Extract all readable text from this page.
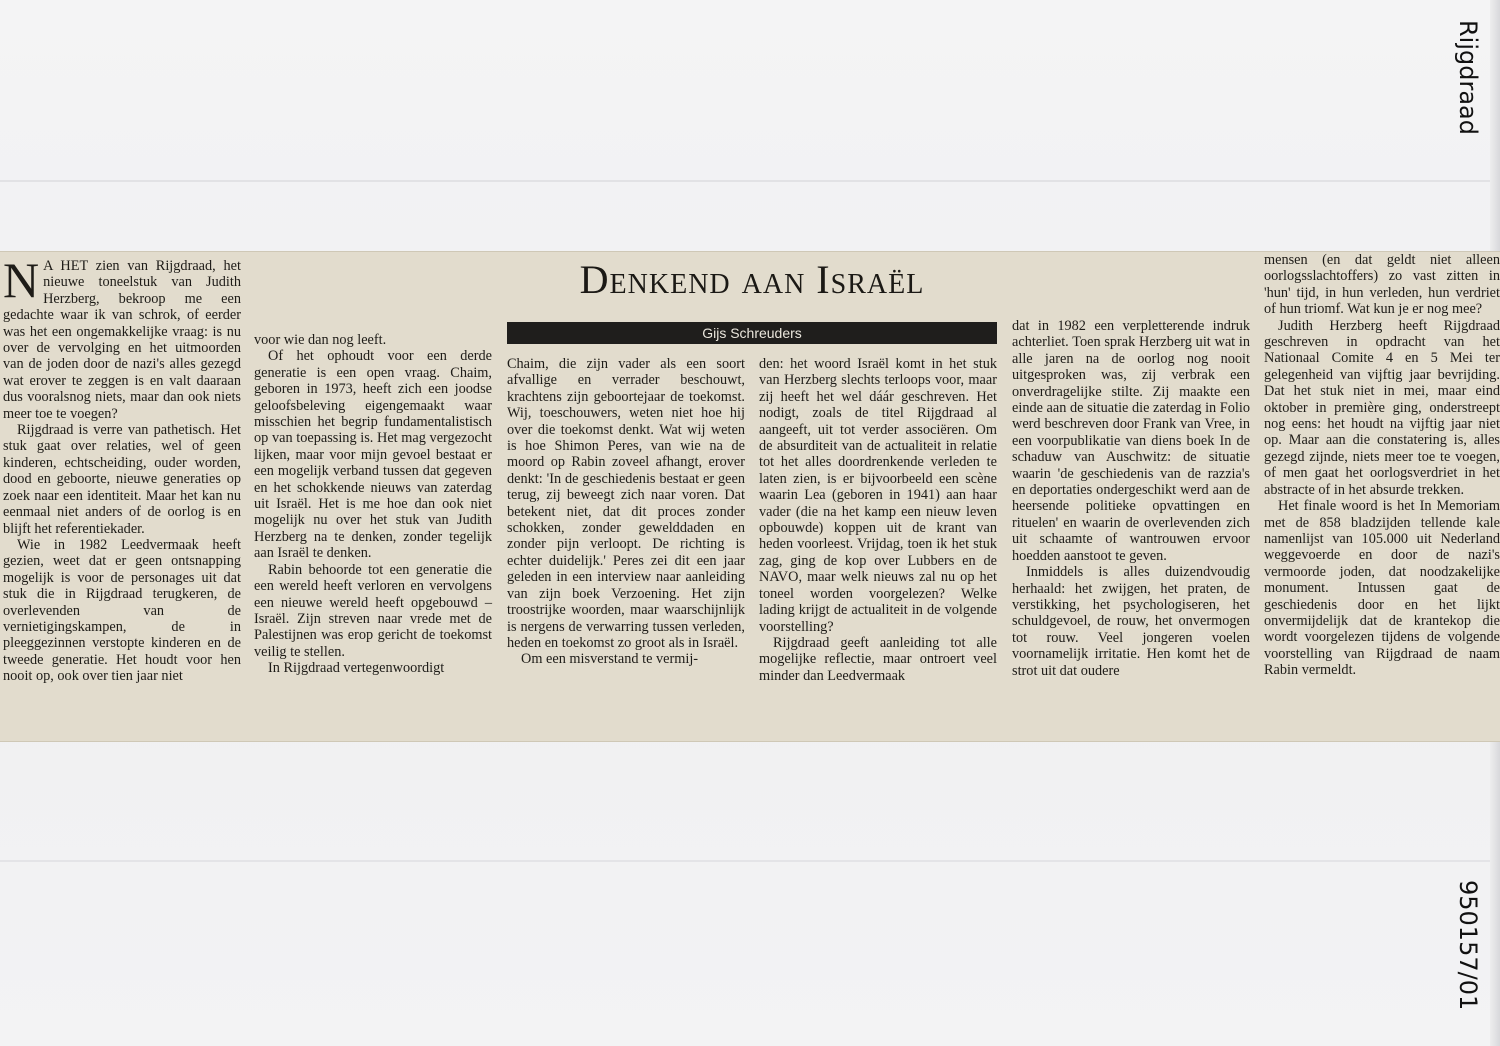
Rijgdraad
N A HET zien van Rijgdraad, het nieuwe toneelstuk van Judith Herzberg, bekroop me een gedachte waar ik van schrok, of eerder was het een ongemakkelijke vraag: is nu over de vervolging en het uitmoorden van de joden door de nazi's alles gezegd wat erover te zeggen is en valt daaraan dus vooralsnog niets, maar dan ook niets meer toe te voegen?

Rijgdraad is verre van pathetisch. Het stuk gaat over relaties, wel of geen kinderen, echtscheiding, ouder worden, dood en geboorte, nieuwe generaties op zoek naar een identiteit. Maar het kan nu eenmaal niet anders of de oorlog is en blijft het referentiekader.

Wie in 1982 Leedvermaak heeft gezien, weet dat er geen ontsnapping mogelijk is voor de personages uit dat stuk die in Rijgdraad terugkeren, de overlevenden van de vernietigingskampen, de in pleeggezinnen verstopte kinderen en de tweede generatie. Het houdt voor hen nooit op, ook over tien jaar niet

Denkend aan Israël
Gijs Schreuders

voor wie dan nog leeft.

Of het ophoudt voor een derde generatie is een open vraag. Chaim, geboren in 1973, heeft zich een joodse geloofsbeleving eigengemaakt waar misschien het begrip fundamentalistisch op van toepassing is. Het mag vergezocht lijken, maar voor mijn gevoel bestaat er een mogelijk verband tussen dat gegeven en het schokkende nieuws van zaterdag uit Israël. Het is me hoe dan ook niet mogelijk nu over het stuk van Judith Herzberg na te denken, zonder tegelijk aan Israël te denken.

Rabin behoorde tot een generatie die een wereld heeft verloren en vervolgens een nieuwe wereld heeft opgebouwd – Israël. Zijn streven naar vrede met de Palestijnen was erop gericht de toekomst veilig te stellen.

In Rijgdraad vertegenwoordigt

Chaim, die zijn vader als een soort afvallige en verrader beschouwt, krachtens zijn geboortejaar de toekomst. Wij, toeschouwers, weten niet hoe hij over die toekomst denkt. Wat wij weten is hoe Shimon Peres, van wie na de moord op Rabin zoveel afhangt, erover denkt: 'In de geschiedenis bestaat er geen terug, zij beweegt zich naar voren. Dat betekent niet, dat dit proces zonder schokken, zonder gewelddaden en zonder pijn verloopt. De richting is echter duidelijk.' Peres zei dit een jaar geleden in een interview naar aanleiding van zijn boek Verzoening. Het zijn troostrijke woorden, maar waarschijnlijk is nergens de verwarring tussen verleden, heden en toekomst zo groot als in Israël.

Om een misverstand te vermij-

den: het woord Israël komt in het stuk van Herzberg slechts terloops voor, maar zij heeft het wel dáár geschreven. Het nodigt, zoals de titel Rijgdraad al aangeeft, uit tot verder associëren. Om de absurditeit van de actualiteit in relatie tot het alles doordrenkende verleden te laten zien, is er bijvoorbeeld een scène waarin Lea (geboren in 1941) aan haar vader (die na het kamp een nieuw leven opbouwde) koppen uit de krant van heden voorleest. Vrijdag, toen ik het stuk zag, ging de kop over Lubbers en de NAVO, maar welk nieuws zal nu op het toneel worden voorgelezen? Welke lading krijgt de actualiteit in de volgende voorstelling?

Rijgdraad geeft aanleiding tot alle mogelijke reflectie, maar ontroert veel minder dan Leedvermaak

dat in 1982 een verpletterende indruk achterliet. Toen sprak Herzberg uit wat in alle jaren na de oorlog nog nooit uitgesproken was, zij verbrak een onverdragelijke stilte. Zij maakte een einde aan de situatie die zaterdag in Folio werd beschreven door Frank van Vree, in een voorpublikatie van diens boek In de schaduw van Auschwitz: de situatie waarin 'de geschiedenis van de razzia's en deportaties ondergeschikt werd aan de heersende politieke opvattingen en rituelen' en waarin de overlevenden zich uit schaamte of wantrouwen ervoor hoedden aanstoot te geven.

Inmiddels is alles duizendvoudig herhaald: het zwijgen, het praten, de verstikking, het psychologiseren, het schuldgevoel, de rouw, het onvermogen tot rouw. Veel jongeren voelen voornamelijk irritatie. Hen komt het de strot uit dat oudere

mensen (en dat geldt niet alleen oorlogsslachtoffers) zo vast zitten in 'hun' tijd, in hun verleden, hun verdriet of hun triomf. Wat kun je er nog mee?

Judith Herzberg heeft Rijgdraad geschreven in opdracht van het Nationaal Comite 4 en 5 Mei ter gelegenheid van vijftig jaar bevrijding. Dat het stuk niet in mei, maar eind oktober in première ging, onderstreept nog eens: het houdt na vijftig jaar niet op. Maar aan die constatering is, alles gezegd zijnde, niets meer toe te voegen, of men gaat het oorlogsverdriet in het abstracte of in het absurde trekken.

Het finale woord is het In Memoriam met de 858 bladzijden tellende kale namenlijst van 105.000 uit Nederland weggevoerde en door de nazi's vermoorde joden, dat noodzakelijke monument. Intussen gaat de geschiedenis door en het lijkt onvermijdelijk dat de krantekop die wordt voorgelezen tijdens de volgende voorstelling van Rijgdraad de naam Rabin vermeldt.

950157/01
